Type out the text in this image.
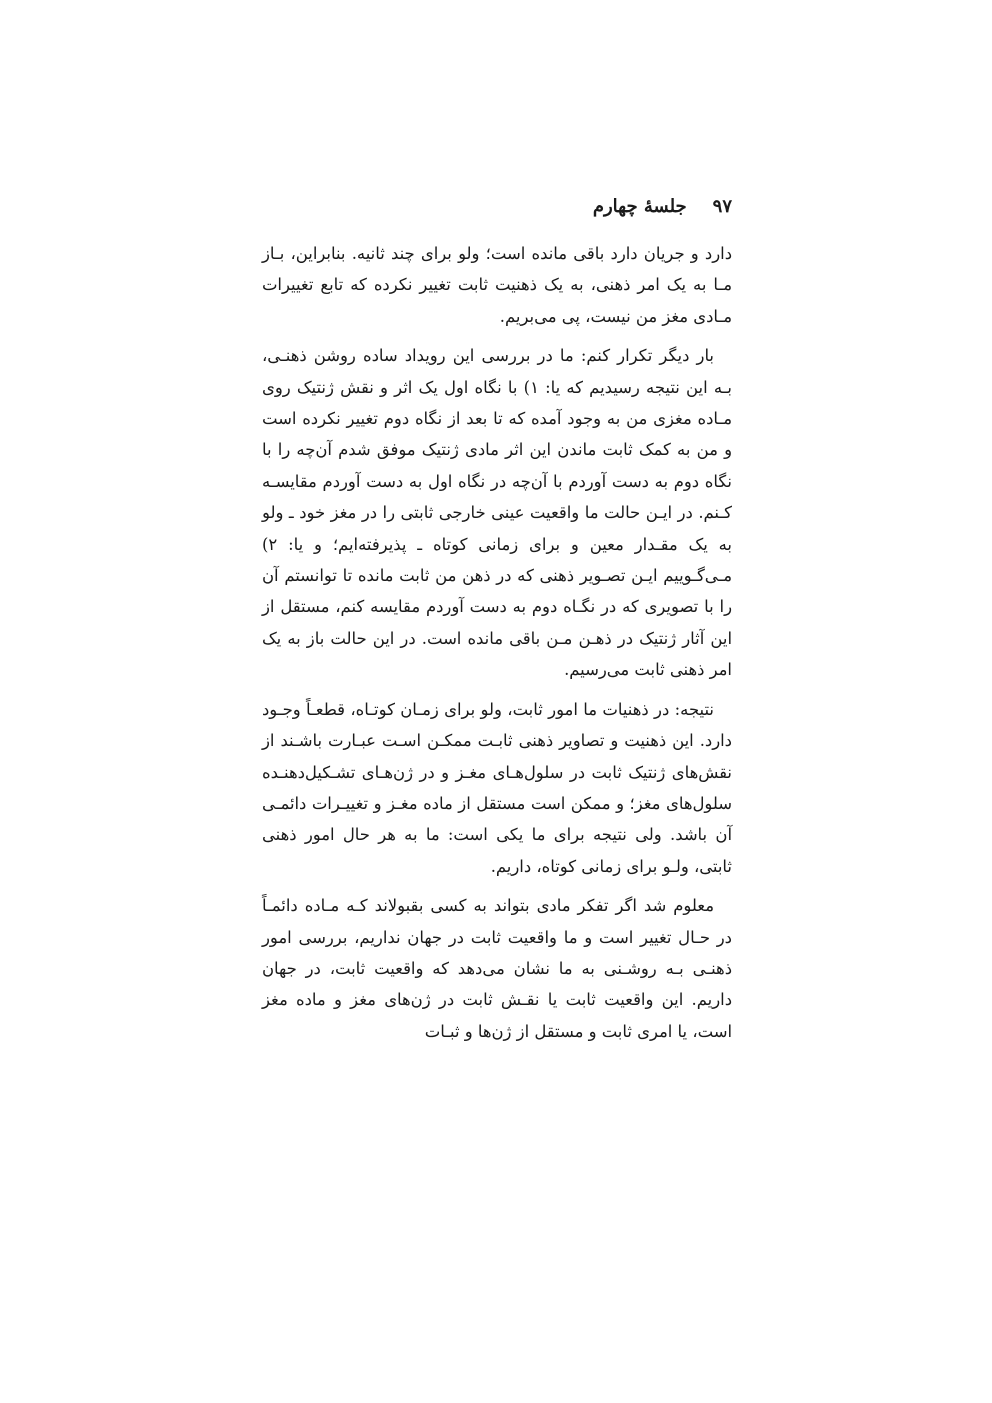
جلسهٔ چهارم ۹۷

دارد و جریان دارد باقی مانده است؛ ولو برای چند ثانیه. بنابراین، بـاز مـا به یک امر ذهنی، به یک ذهنیت ثابت تغییر نکرده که تابع تغییرات مـادی مغز من نیست، پی می‌بریم.

بار دیگر تکرار کنم: ما در بررسی این رویداد ساده روشن ذهنـی، بـه این نتیجه رسیدیم که یا: ۱) با نگاه اول یک اثر و نقش ژنتیک روی مـاده مغزی من به وجود آمده که تا بعد از نگاه دوم تغییر نکرده است و من به کمک ثابت ماندن این اثر مادی ژنتیک موفق شدم آن‌چه را با نگاه دوم به دست آوردم با آن‌چه در نگاه اول به دست آوردم مقایسـه کـنم. در ایـن حالت ما واقعیت عینی خارجی ثابتی را در مغز خود ـ ولو به یک مقـدار معین و برای زمانی کوتاه ـ پذیرفته‌ایم؛ و یا: ۲) مـی‌گـوییم ایـن تصـویر ذهنی که در ذهن من ثابت مانده تا توانستم آن را با تصویری که در نگـاه دوم به دست آوردم مقایسه کنم، مستقل از این آثار ژنتیک در ذهـن مـن باقی مانده است. در این حالت باز به یک امر ذهنی ثابت می‌رسیم.

نتیجه: در ذهنیات ما امور ثابت، ولو برای زمـان کوتـاه، قطعـاً وجـود دارد. این ذهنیت و تصاویر ذهنی ثابـت ممکـن اسـت عبـارت باشـند از نقش‌های ژنتیک ثابت در سلول‌هـای مغـز و در ژن‌هـای تشـکیل‌دهنـده سلول‌های مغز؛ و ممکن است مستقل از ماده مغـز و تغییـرات دائمـی آن باشد. ولی نتیجه برای ما یکی است: ما به هر حال امور ذهنی ثابتی، ولـو برای زمانی کوتاه، داریم.

معلوم شد اگر تفکر مادی بتواند به کسی بقبولاند کـه مـاده دائمـاً در حـال تغییر است و ما واقعیت ثابت در جهان نداریم، بررسی امور ذهنـی بـه روشـنی به ما نشان می‌دهد که واقعیت ثابت، در جهان داریم. این واقعیت ثابت یا نقـش ثابت در ژن‌های مغز و ماده مغز است، یا امری ثابت و مستقل از ژن‌ها و ثبـات
